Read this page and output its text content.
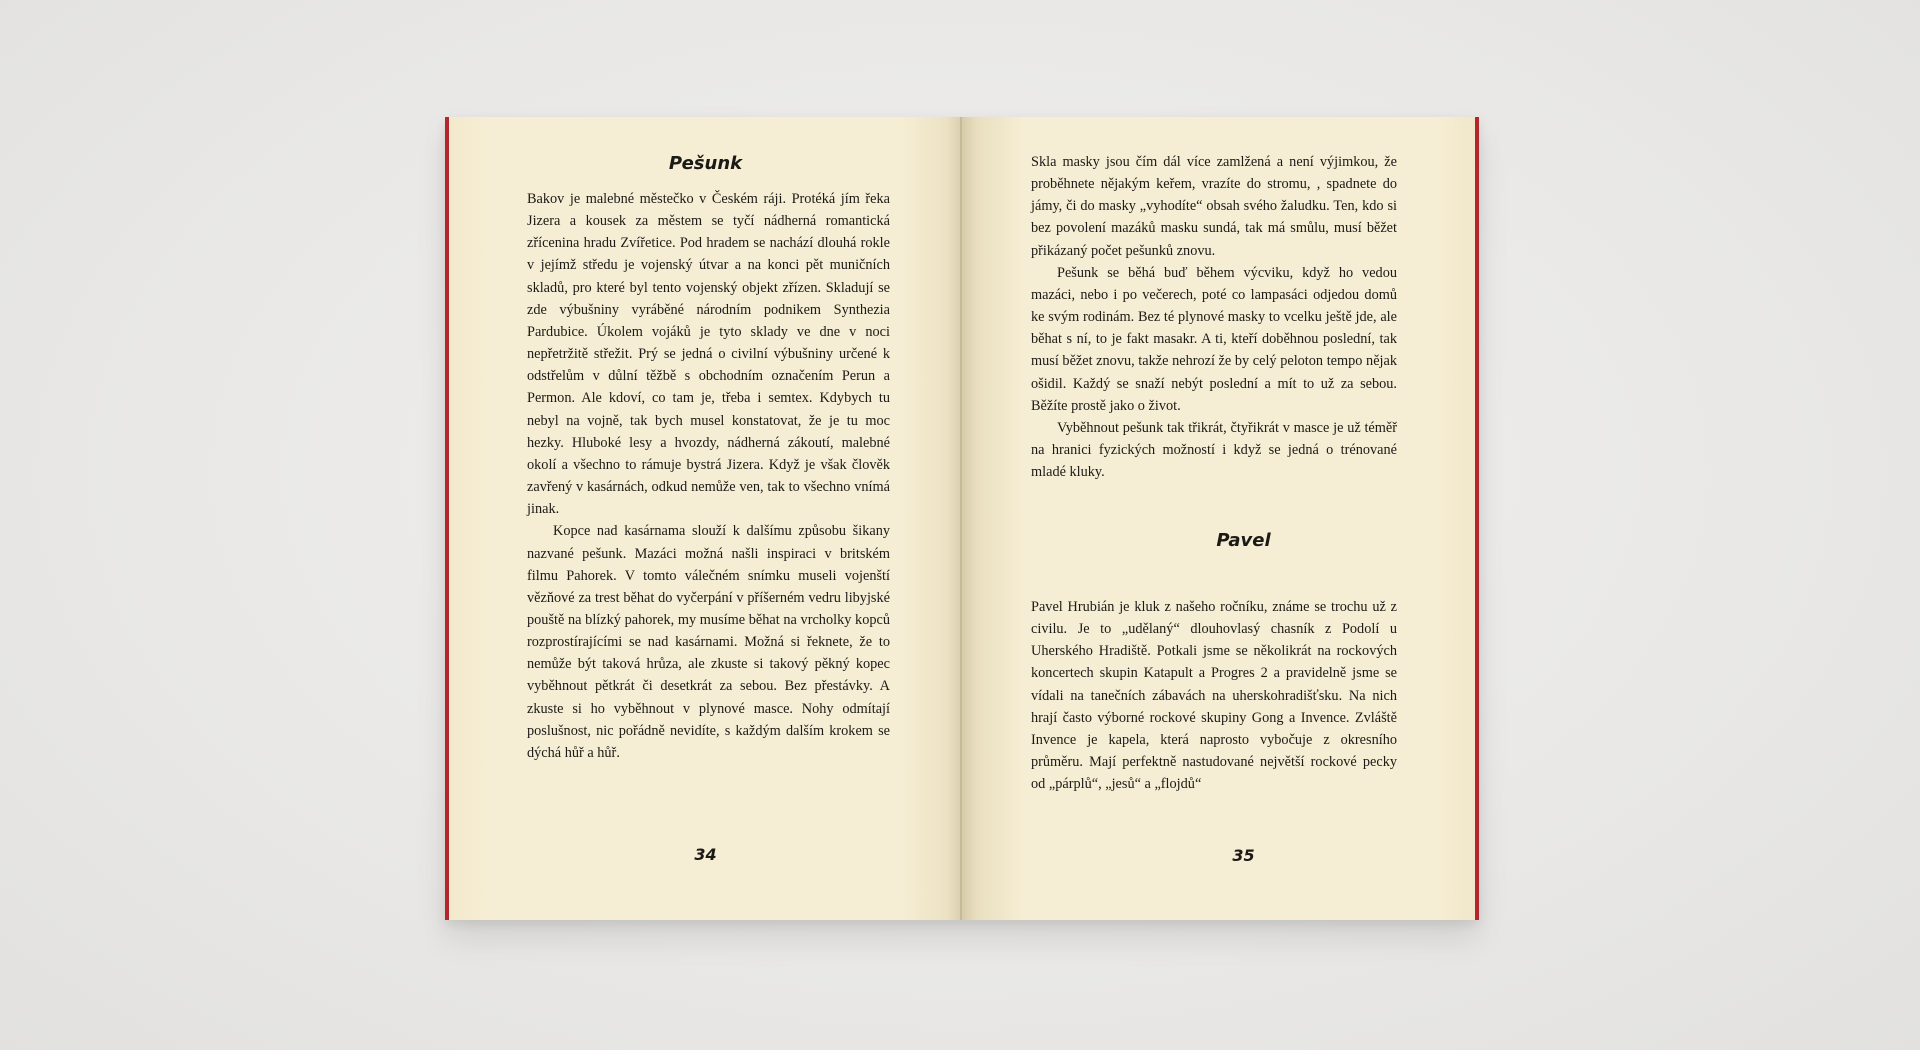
Pešunk

Bakov je malebné městečko v Českém ráji. Protéká jím řeka Jizera a kousek za městem se tyčí nádherná romantická zřícenina hradu Zvířetice. Pod hradem se nachází dlouhá rokle v jejímž středu je vojenský útvar a na konci pět muničních skladů, pro které byl tento vojenský objekt zřízen. Skladují se zde výbušniny vyráběné národním podnikem Synthezia Pardubice. Úkolem vojáků je tyto sklady ve dne v noci nepřetržitě střežit. Prý se jedná o civilní výbušniny určené k odstřelům v důlní těžbě s obchodním označením Perun a Permon. Ale kdoví, co tam je, třeba i semtex. Kdybych tu nebyl na vojně, tak bych musel konstatovat, že je tu moc hezky. Hluboké lesy a hvozdy, nádherná zákoutí, malebné okolí a všechno to rámuje bystrá Jizera. Když je však člověk zavřený v kasárnách, odkud nemůže ven, tak to všechno vnímá jinak.

Kopce nad kasárnama slouží k dalšímu způsobu šikany nazvané pešunk. Mazáci možná našli inspiraci v britském filmu Pahorek. V tomto válečném snímku museli vojenští vězňové za trest běhat do vyčerpání v příšerném vedru libyjské pouště na blízký pahorek, my musíme běhat na vrcholky kopců rozprostírajícími se nad kasárnami. Možná si řeknete, že to nemůže být taková hrůza, ale zkuste si takový pěkný kopec vyběhnout pětkrát či desetkrát za sebou. Bez přestávky. A zkuste si ho vyběhnout v plynové masce. Nohy odmítají poslušnost, nic pořádně nevidíte, s každým dalším krokem se dýchá hůř a hůř.

34

Skla masky jsou čím dál více zamlžená a není výjimkou, že proběhnete nějakým keřem, vrazíte do stromu, , spadnete do jámy, či do masky „vyhodíte“ obsah svého žaludku. Ten, kdo si bez povolení mazáků masku sundá, tak má smůlu, musí běžet přikázaný počet pešunků znovu.

Pešunk se běhá buď během výcviku, když ho vedou mazáci, nebo i po večerech, poté co lampasáci odjedou domů ke svým rodinám. Bez té plynové masky to vcelku ještě jde, ale běhat s ní, to je fakt masakr. A ti, kteří doběhnou poslední, tak musí běžet znovu, takže nehrozí že by celý peloton tempo nějak ošidil. Každý se snaží nebýt poslední a mít to už za sebou. Běžíte prostě jako o život.

Vyběhnout pešunk tak třikrát, čtyřikrát v masce je už téměř na hranici fyzických možností i když se jedná o trénované mladé kluky.

Pavel

Pavel Hrubián je kluk z našeho ročníku, známe se trochu už z civilu. Je to „udělaný“ dlouhovlasý chasník z Podolí u Uherského Hradiště. Potkali jsme se několikrát na rockových koncertech skupin Katapult a Progres 2 a pravidelně jsme se vídali na tanečních zábavách na uherskohradišťsku. Na nich hrají často výborné rockové skupiny Gong a Invence. Zvláště Invence je kapela, která naprosto vybočuje z okresního průměru. Mají perfektně nastudované největší rockové pecky od „párplů“, „jesů“ a „flojdů“

35
